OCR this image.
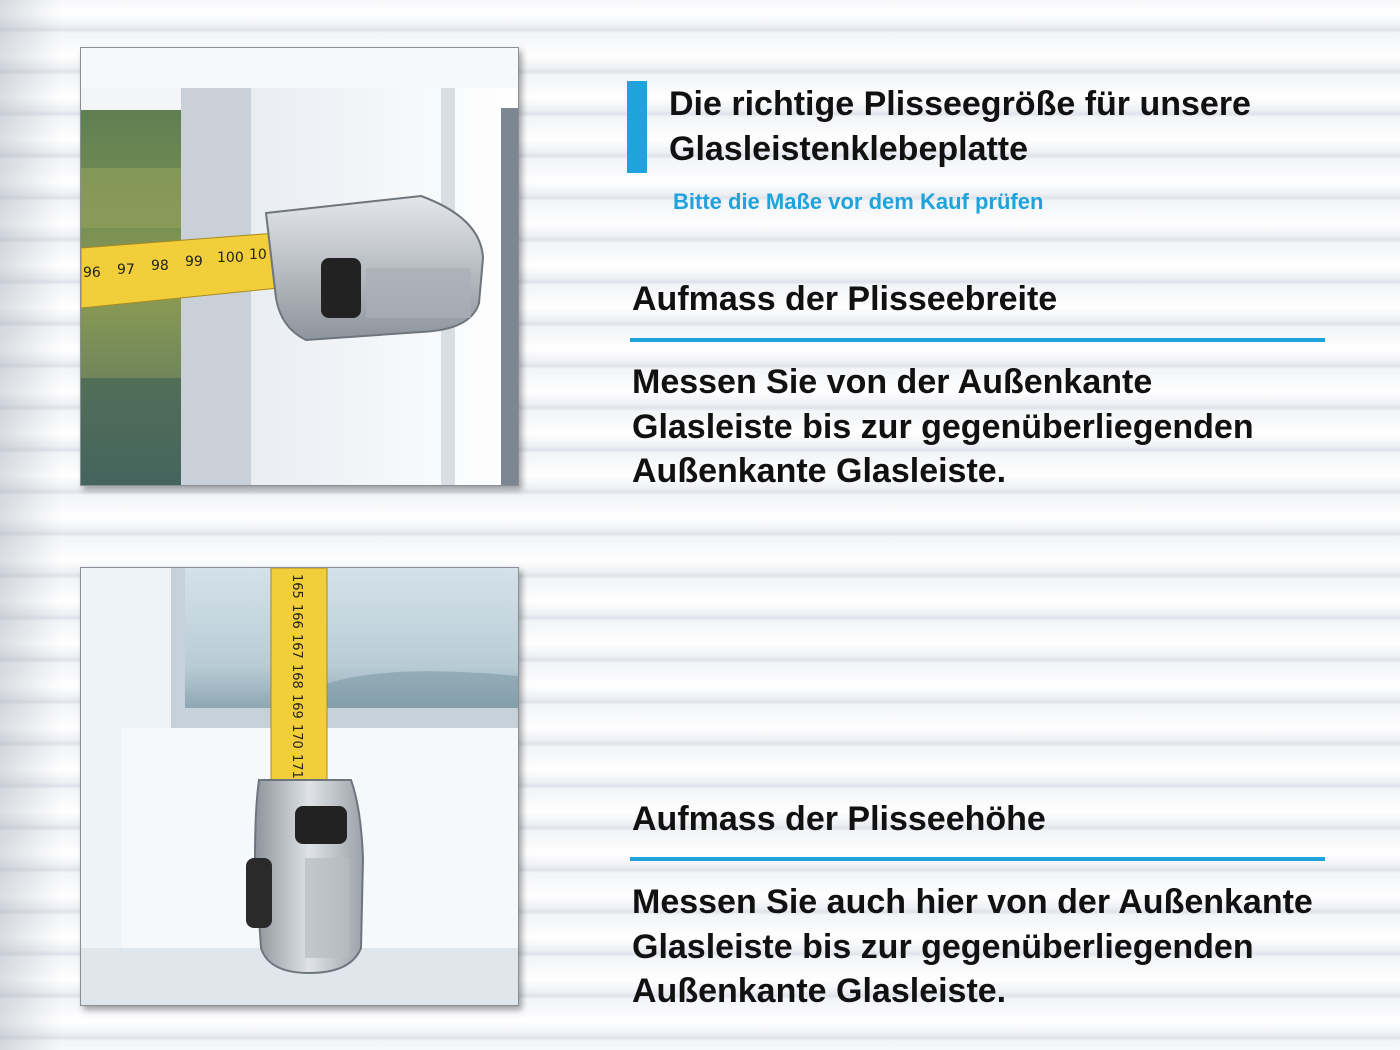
96 97 98 99 100 10
165
166
167
168
169
170
171
Die richtige Plisseegröße für unsere
Glasleistenklebeplatte
Bitte die Maße vor dem Kauf prüfen
Aufmass der Plisseebreite

Messen Sie von der Außenkante
Glasleiste bis zur gegenüberliegenden
Außenkante Glasleiste.

Aufmass der Plisseehöhe

Messen Sie auch hier von der Außenkante
Glasleiste bis zur gegenüberliegenden
Außenkante Glasleiste.
